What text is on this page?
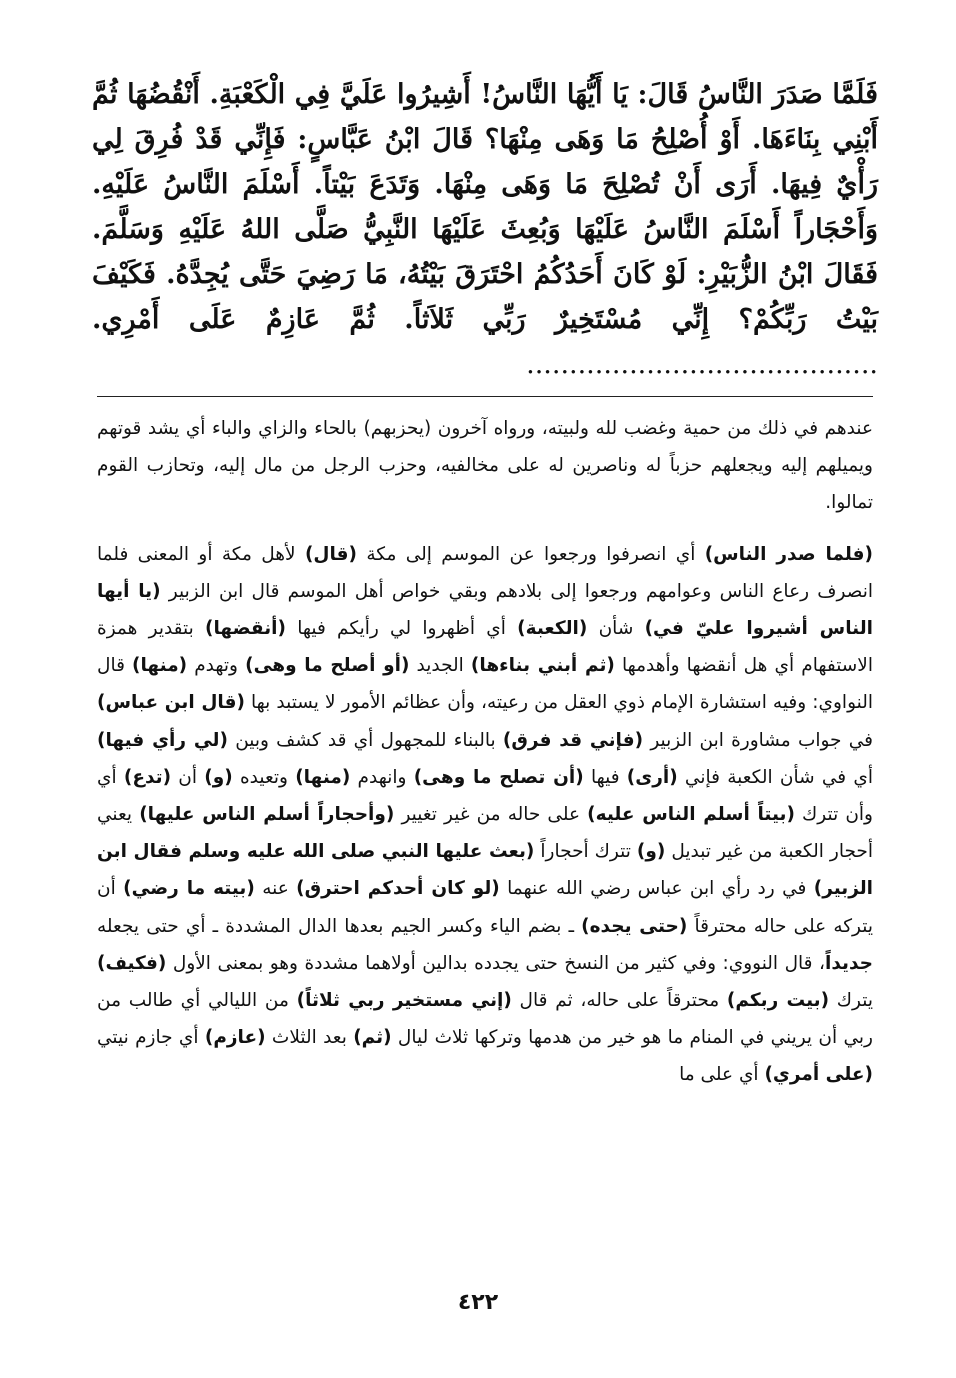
فَلَمَّا صَدَرَ النَّاسُ قَالَ: يَا أَيُّهَا النَّاسُ! أَشِيرُوا عَلَيَّ فِي الْكَعْبَةِ. أَنْقُضُهَا ثُمَّ أَبْنِي بِنَاءَهَا. أَوْ أُصْلِحُ مَا وَهَى مِنْهَا؟ قَالَ ابْنُ عَبَّاسٍ: فَإِنِّي قَدْ فُرِقَ لِي رَأْيٌ فِيهَا. أَرَى أَنْ تُصْلِحَ مَا وَهَى مِنْهَا. وَتَدَعَ بَيْتاً. أَسْلَمَ النَّاسُ عَلَيْهِ. وَأَحْجَاراً أَسْلَمَ النَّاسُ عَلَيْهَا وَبُعِثَ عَلَيْهَا النَّبِيُّ صَلَّى اللهُ عَلَيْهِ وَسَلَّمَ. فَقَالَ ابْنُ الزُّبَيْرِ: لَوْ كَانَ أَحَدُكُمُ احْتَرَقَ بَيْتُهُ، مَا رَضِيَ حَتَّى يُجِدَّهُ. فَكَيْفَ بَيْتُ رَبِّكُمْ؟ إِنِّي مُسْتَخِيرٌ رَبِّي ثَلاَثاً. ثُمَّ عَازِمٌ عَلَى أَمْرِي. .........................................

عندهم في ذلك من حمية وغضب لله ولبيته، ورواه آخرون (يحزبهم) بالحاء والزاي والباء أي يشد قوتهم ويميلهم إليه ويجعلهم حزباً له وناصرين له على مخالفيه، وحزب الرجل من مال إليه، وتحازب القوم تمالوا.

(فلما صدر الناس) أي انصرفوا ورجعوا عن الموسم إلى مكة (قال) لأهل مكة أو المعنى فلما انصرف رعاع الناس وعوامهم ورجعوا إلى بلادهم وبقي خواص أهل الموسم قال ابن الزبير (يا أيها الناس أشيروا عليّ في) شأن (الكعبة) أي أظهروا لي رأيكم فيها (أنقضها) بتقدير همزة الاستفهام أي هل أنقضها وأهدمها (ثم أبني بناءها) الجديد (أو أصلح ما وهى) وتهدم (منها) قال النواوي: وفيه استشارة الإمام ذوي العقل من رعيته، وأن عظائم الأمور لا يستبد بها (قال ابن عباس) في جواب مشاورة ابن الزبير (فإني قد فرق) بالبناء للمجهول أي قد كشف وبين (لي رأي فيها) أي في شأن الكعبة فإني (أرى) فيها (أن تصلح ما وهى) وانهدم (منها) وتعيده (و) أن (تدع) أي وأن تترك (بيتاً أسلم الناس عليه) على حاله من غير تغيير (وأحجاراً أسلم الناس عليها) يعني أحجار الكعبة من غير تبديل (و) تترك أحجاراً (بعث عليها النبي صلى الله عليه وسلم فقال ابن الزبير) في رد رأي ابن عباس رضي الله عنهما (لو كان أحدكم احترق) عنه (بيته ما رضي) أن يتركه على حاله محترقاً (حتى يجده) ـ بضم الياء وكسر الجيم بعدها الدال المشددة ـ أي حتى يجعله جديداً، قال النووي: وفي كثير من النسخ حتى يجدده بدالين أولاهما مشددة وهو بمعنى الأول (فكيف) يترك (بيت ربكم) محترقاً على حاله، ثم قال (إني مستخير ربي ثلاثاً) من الليالي أي طالب من ربي أن يريني في المنام ما هو خير من هدمها وتركها ثلاث ليال (ثم) بعد الثلاث (عازم) أي جازم نيتي (على أمري) أي على ما

٤٢٢
